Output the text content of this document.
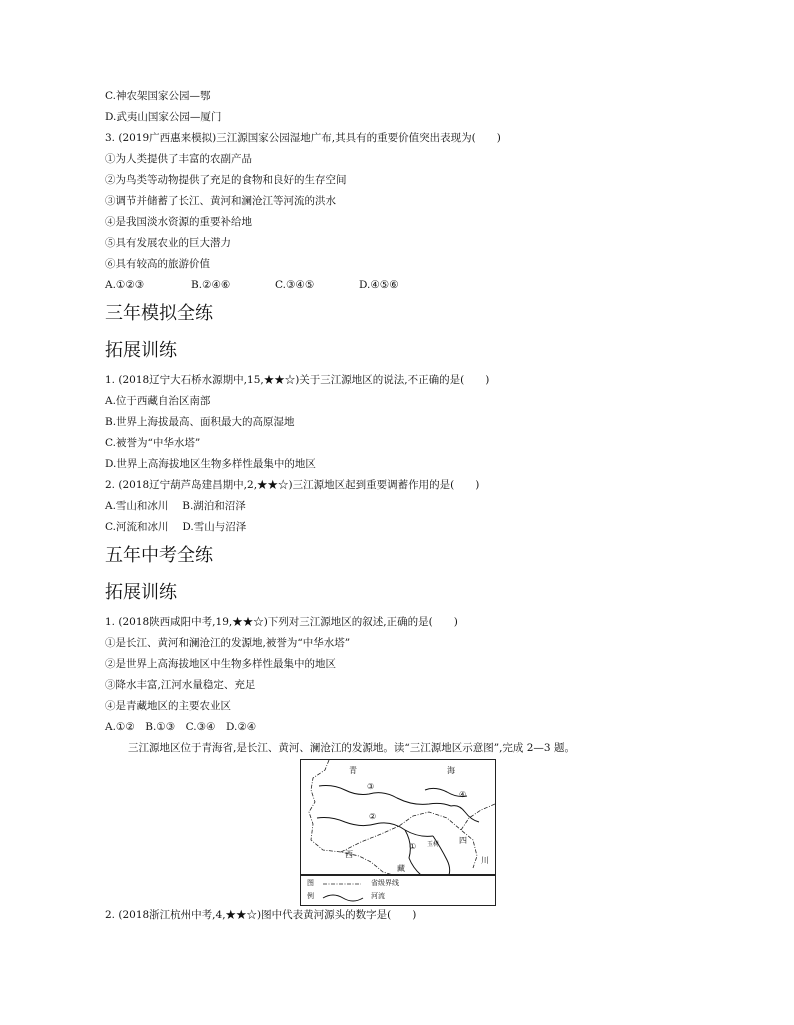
C.神农架国家公园—鄂
D.武夷山国家公园—厦门
3. (2019广西惠来模拟)三江源国家公园湿地广布,其具有的重要价值突出表现为(　　)
①为人类提供了丰富的农副产品
②为鸟类等动物提供了充足的食物和良好的生存空间
③调节并储蓄了长江、黄河和澜沧江等河流的洪水
④是我国淡水资源的重要补给地
⑤具有发展农业的巨大潜力
⑥具有较高的旅游价值
A.①②③	B.②④⑥	C.③④⑤	D.④⑤⑥
三年模拟全练
拓展训练
1. (2018辽宁大石桥水源期中,15,★★☆)关于三江源地区的说法,不正确的是(　　)
A.位于西藏自治区南部
B.世界上海拔最高、面积最大的高原湿地
C.被誉为“中华水塔”
D.世界上高海拔地区生物多样性最集中的地区
2. (2018辽宁葫芦岛建昌期中,2,★★☆)三江源地区起到重要调蓄作用的是(　　)
A.雪山和冰川　 B.湖泊和沼泽
C.河流和冰川　 D.雪山与沼泽
五年中考全练
拓展训练
1. (2018陕西咸阳中考,19,★★☆)下列对三江源地区的叙述,正确的是(　　)
①是长江、黄河和澜沧江的发源地,被誉为“中华水塔”
②是世界上高海拔地区中生物多样性最集中的地区
③降水丰富,江河水量稳定、充足
④是青藏地区的主要农业区
A.①②　B.①③　C.③④　D.②④
三江源地区位于青海省,是长江、黄河、澜沧江的发源地。读“三江源地区示意图”,完成 2—3 题。
青	海
西
藏
川
四
玉树
③
②
①
④
图
例
省级界线
河流
2. (2018浙江杭州中考,4,★★☆)图中代表黄河源头的数字是(　　)
